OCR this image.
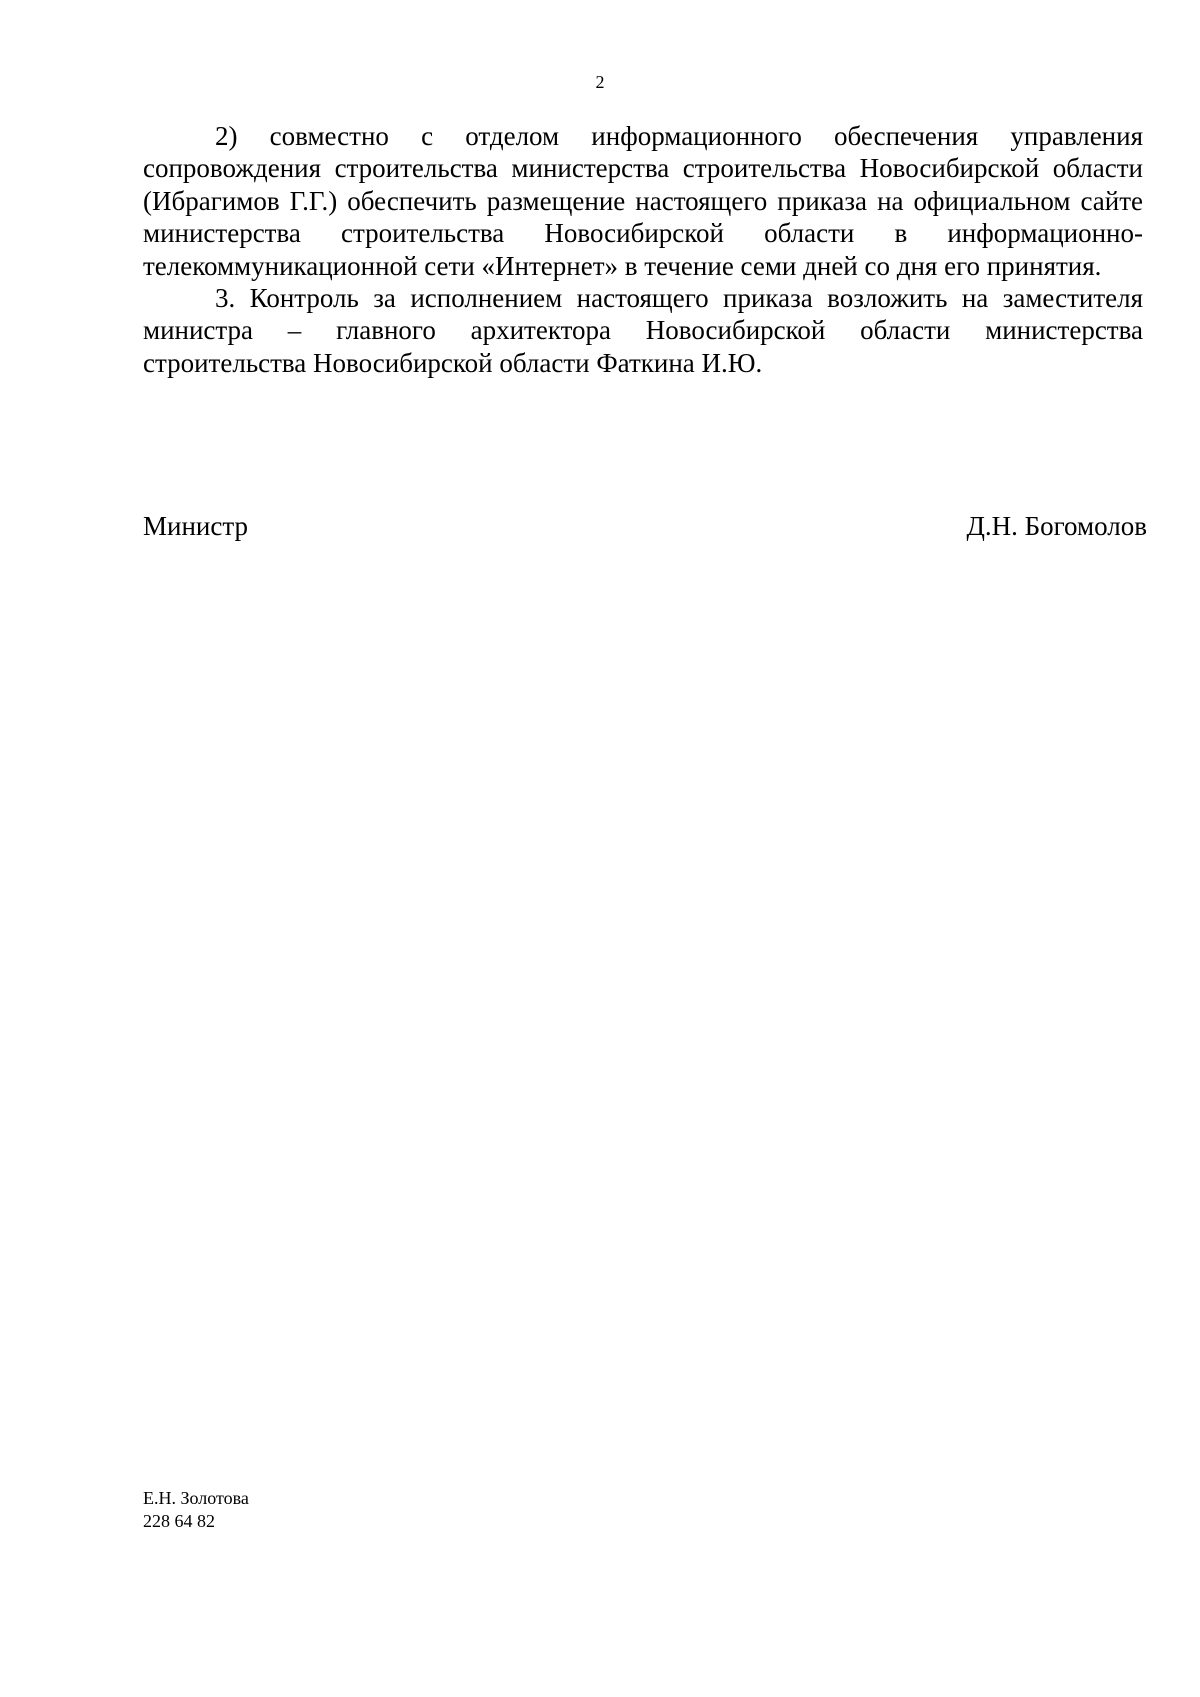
2

2) совместно с отделом информационного обеспечения управления сопровождения строительства министерства строительства Новосибирской области (Ибрагимов Г.Г.) обеспечить размещение настоящего приказа на официальном сайте министерства строительства Новосибирской области в информационно-телекоммуникационной сети «Интернет» в течение семи дней со дня его принятия.

3. Контроль за исполнением настоящего приказа возложить на заместителя министра – главного архитектора Новосибирской области министерства строительства Новосибирской области Фаткина И.Ю.

Министр	Д.Н. Богомолов
Е.Н. Золотова
228 64 82
